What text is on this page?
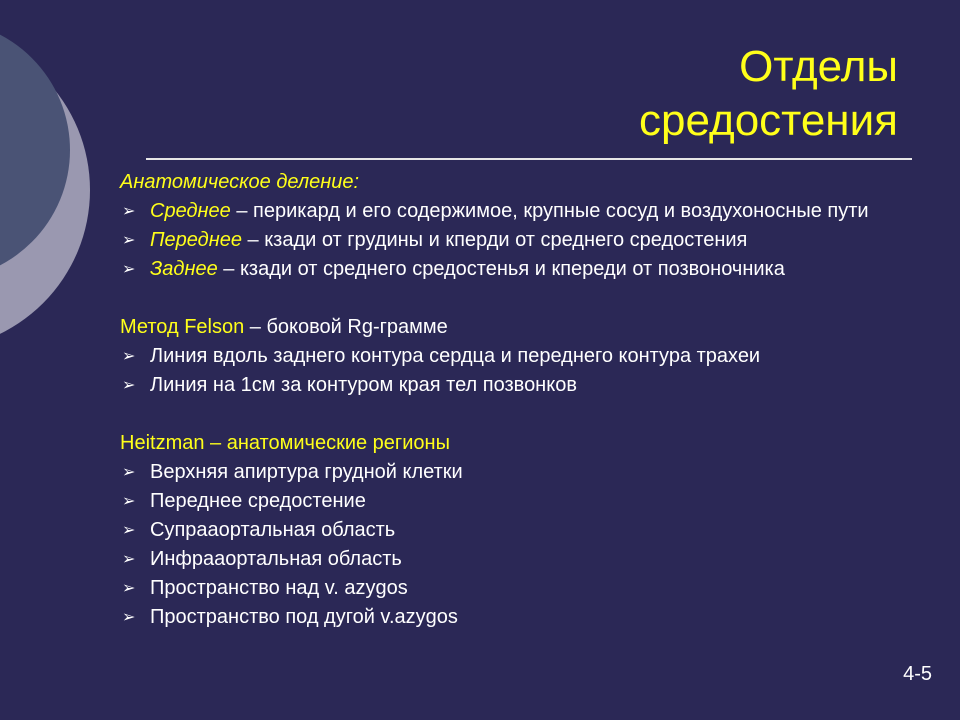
Отделы
средостения
Анатомическое деление:
➢ Среднее – перикард и его содержимое, крупные сосуд и воздухоносные пути
➢ Переднее – кзади от грудины и кперди от среднего средостения
➢ Заднее – кзади от среднего средостенья и кпереди от позвоночника
Метод Felson – боковой Rg-грамме
➢ Линия вдоль заднего контура сердца и переднего контура трахеи
➢ Линия на 1см за контуром края тел позвонков
Heitzman – анатомические регионы
➢ Верхняя апиртура грудной клетки
➢ Переднее средостение
➢ Супрааортальная область
➢ Инфрааортальная область
➢ Пространство над v. azygos
➢ Пространство под дугой v.azygos
4-5
